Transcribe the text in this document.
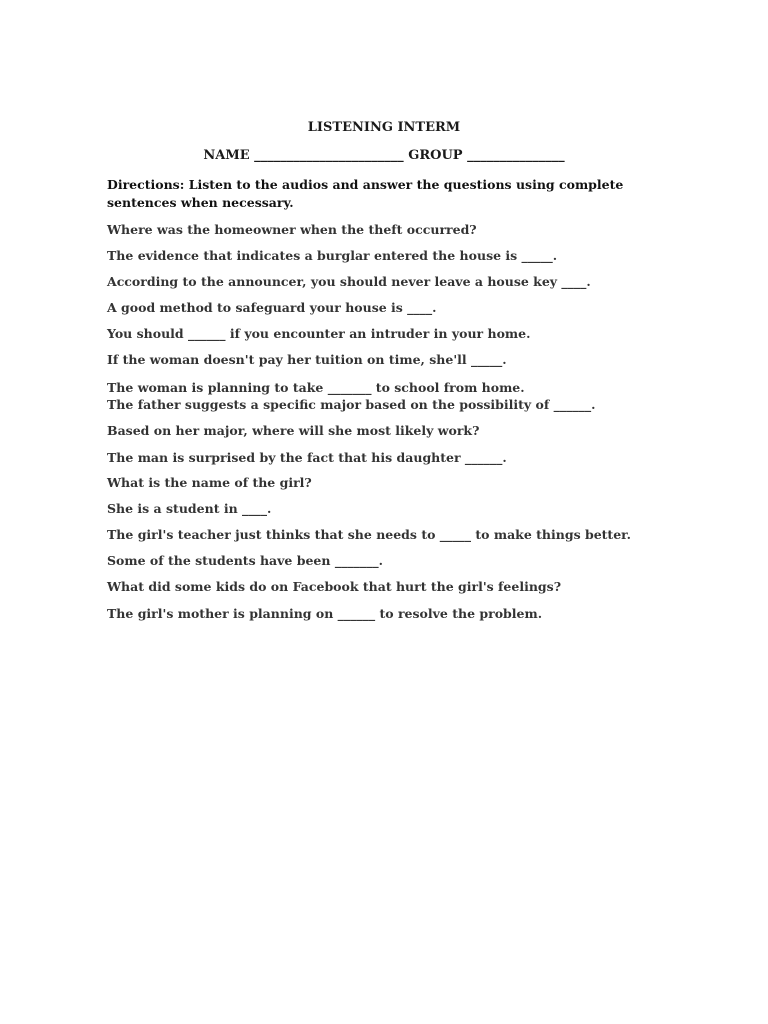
LISTENING INTERM
NAME _______________________ GROUP _______________
Directions: Listen to the audios and answer the questions using complete sentences when necessary.
Where was the homeowner when the theft occurred?
The evidence that indicates a burglar entered the house is _____.
According to the announcer, you should never leave a house key ____.
A good method to safeguard your house is ____.
You should ______ if you encounter an intruder in your home.
If the woman doesn't pay her tuition on time, she'll _____.
The woman is planning to take _______ to school from home.
The father suggests a specific major based on the possibility of ______.
Based on her major, where will she most likely work?
The man is surprised by the fact that his daughter ______.
What is the name of the girl?
She is a student in ____.
The girl's teacher just thinks that she needs to _____ to make things better.
Some of the students have been _______.
What did some kids do on Facebook that hurt the girl's feelings?
The girl's mother is planning on ______ to resolve the problem.
